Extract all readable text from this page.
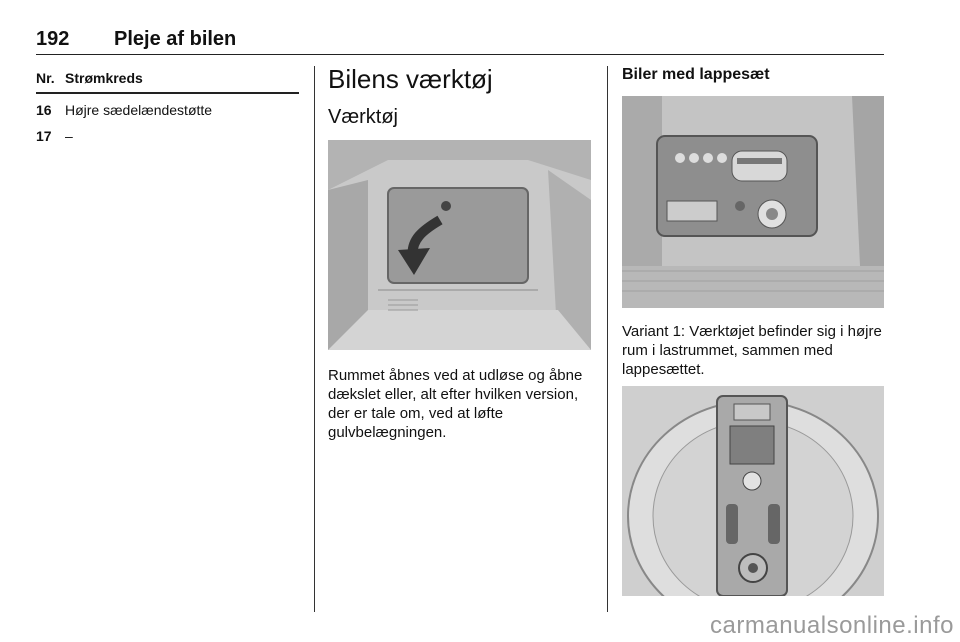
192 Pleje af bilen
Nr. Strømkreds
16 Højre sædelændestøtte
17 –
Bilens værktøj
Værktøj

Rummet åbnes ved at udløse og åbne dækslet eller, alt efter hvilken version, der er tale om, ved at løfte gulvbelægningen.

Biler med lappesæt

Variant 1: Værktøjet befinder sig i højre rum i lastrummet, sammen med lappesættet.

carmanualsonline.info
